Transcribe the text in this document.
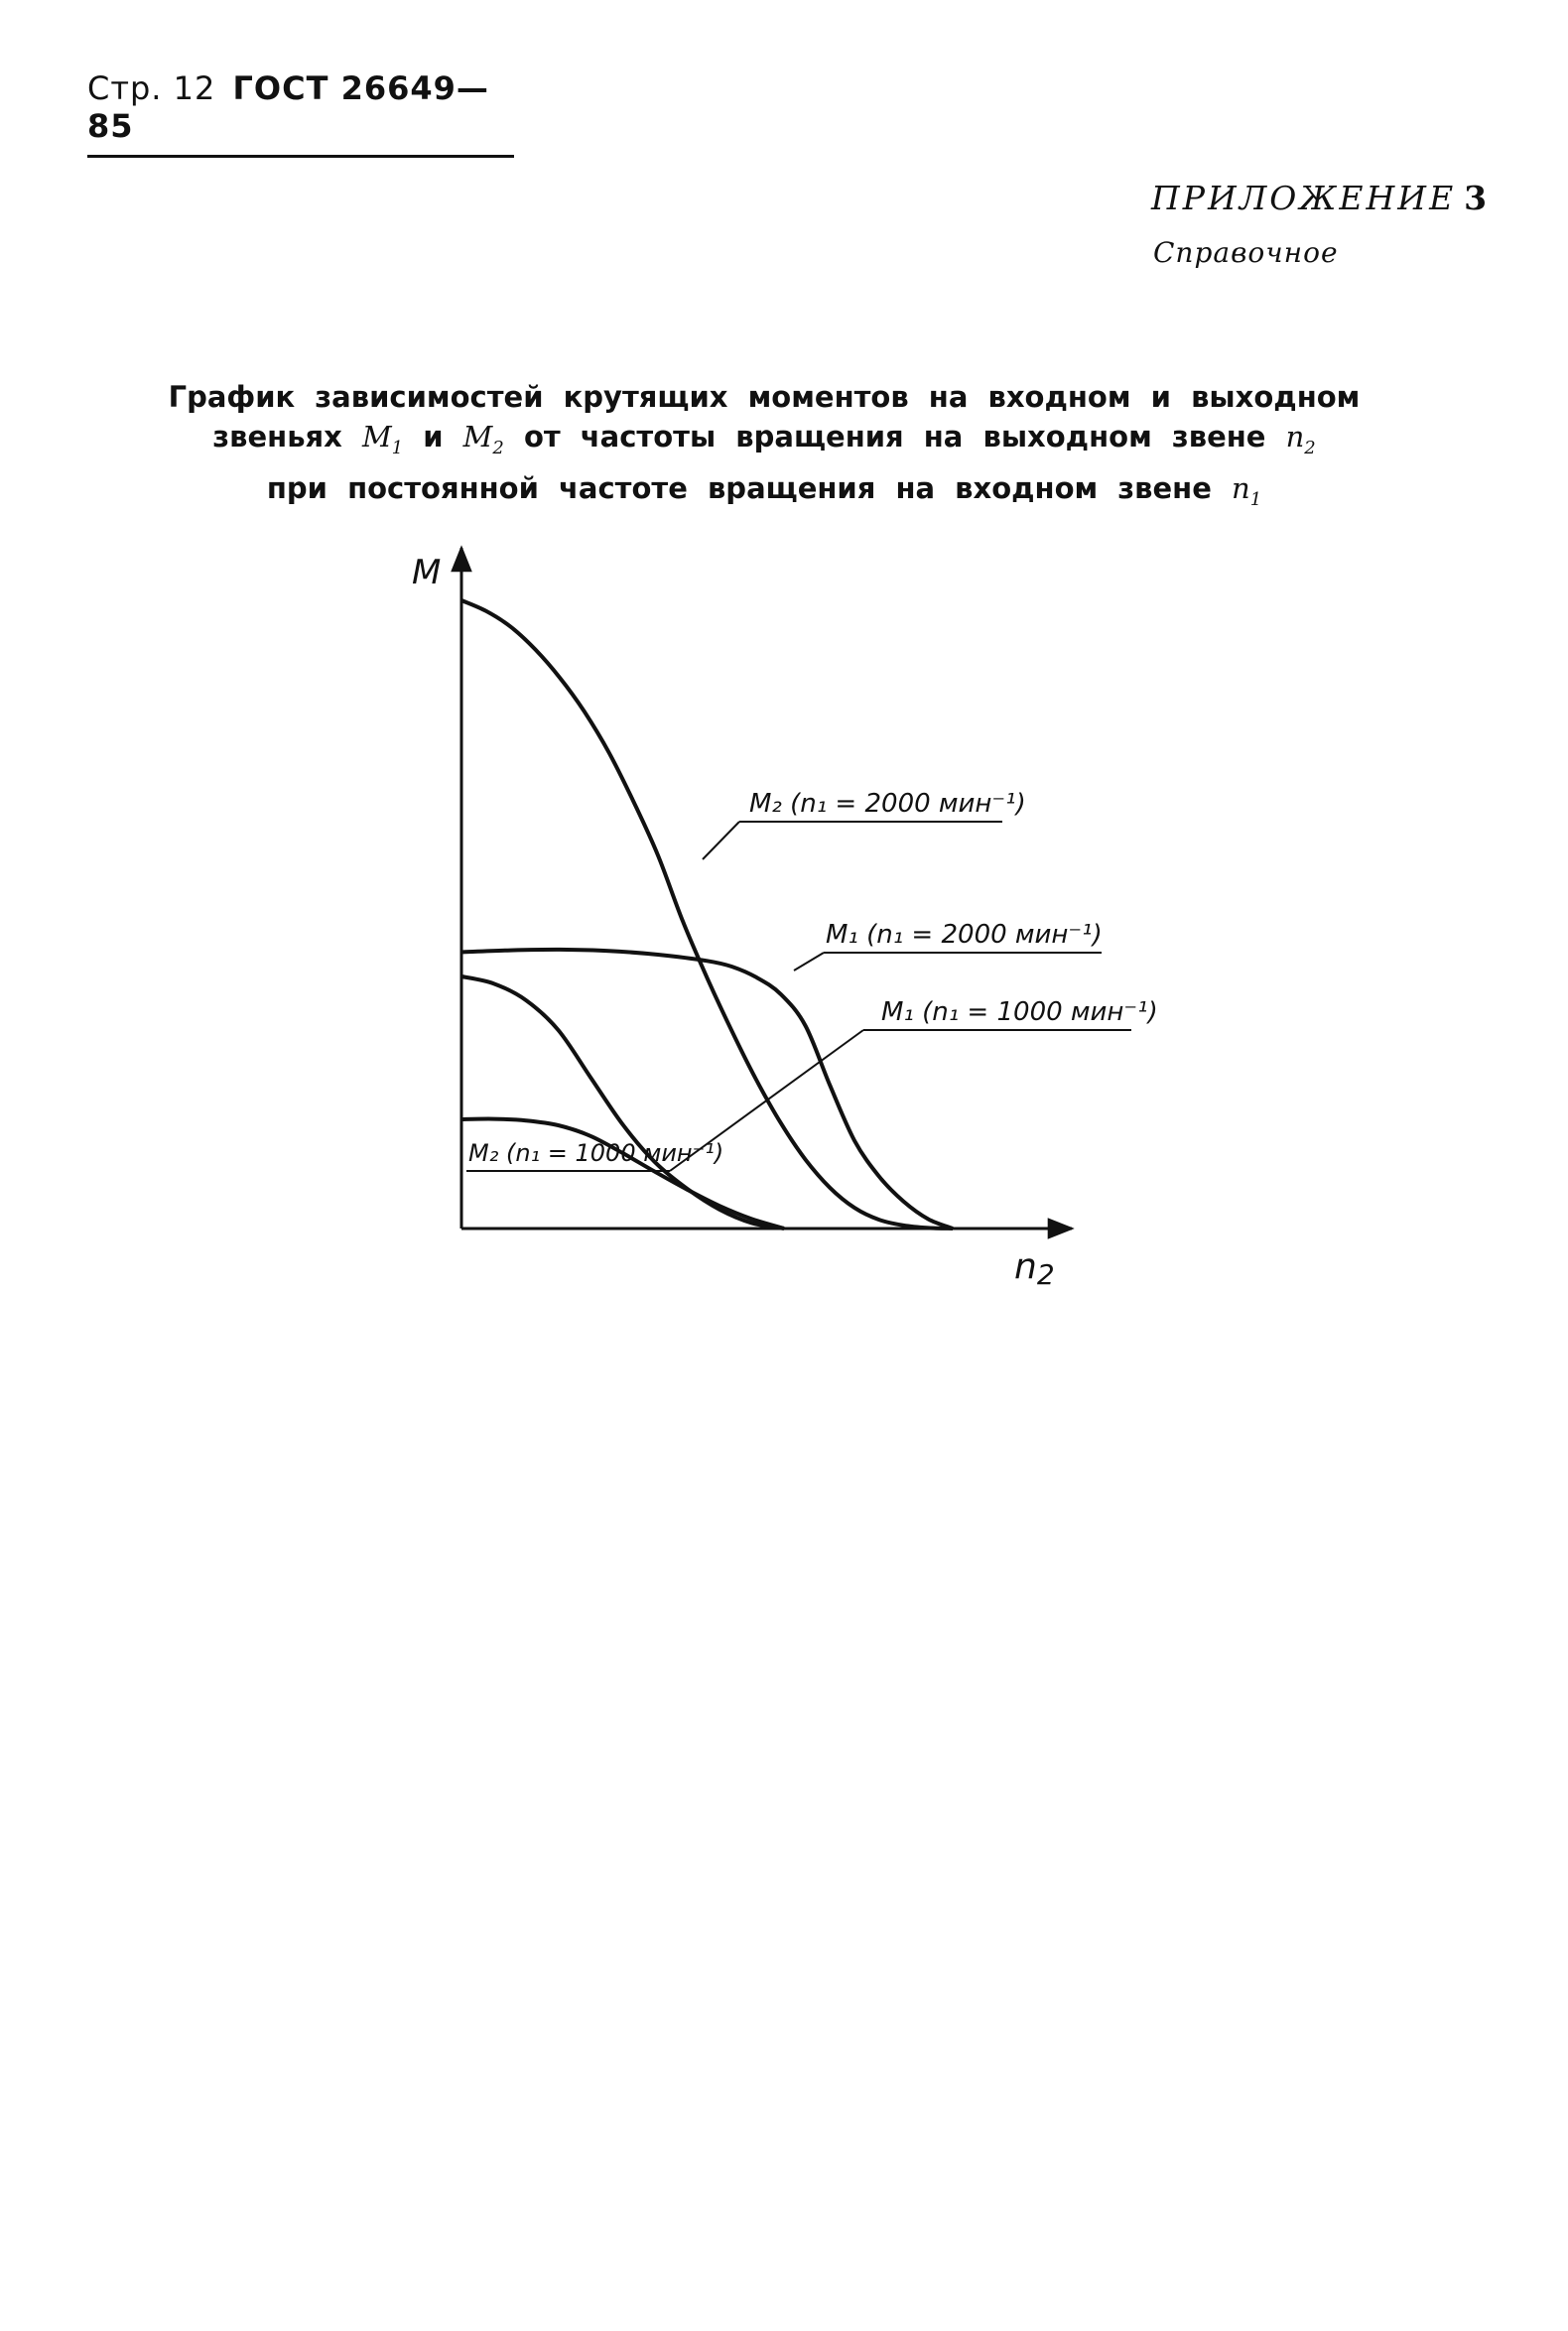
Стр. 12 ГОСТ 26649—85
ПРИЛОЖЕНИЕ 3
Справочное
График зависимостей крутящих моментов на входном и выходном
звеньях $M_1$ и $M_2$ от частоты вращения на выходном звене $n_2$
при постоянной частоте вращения на входном звене $n_1$
M
n2
M₂ (n₁ = 2000 мин⁻¹)
M₁ (n₁ = 2000 мин⁻¹)
M₁ (n₁ = 1000 мин⁻¹)
M₂ (n₁ = 1000 мин⁻¹)
